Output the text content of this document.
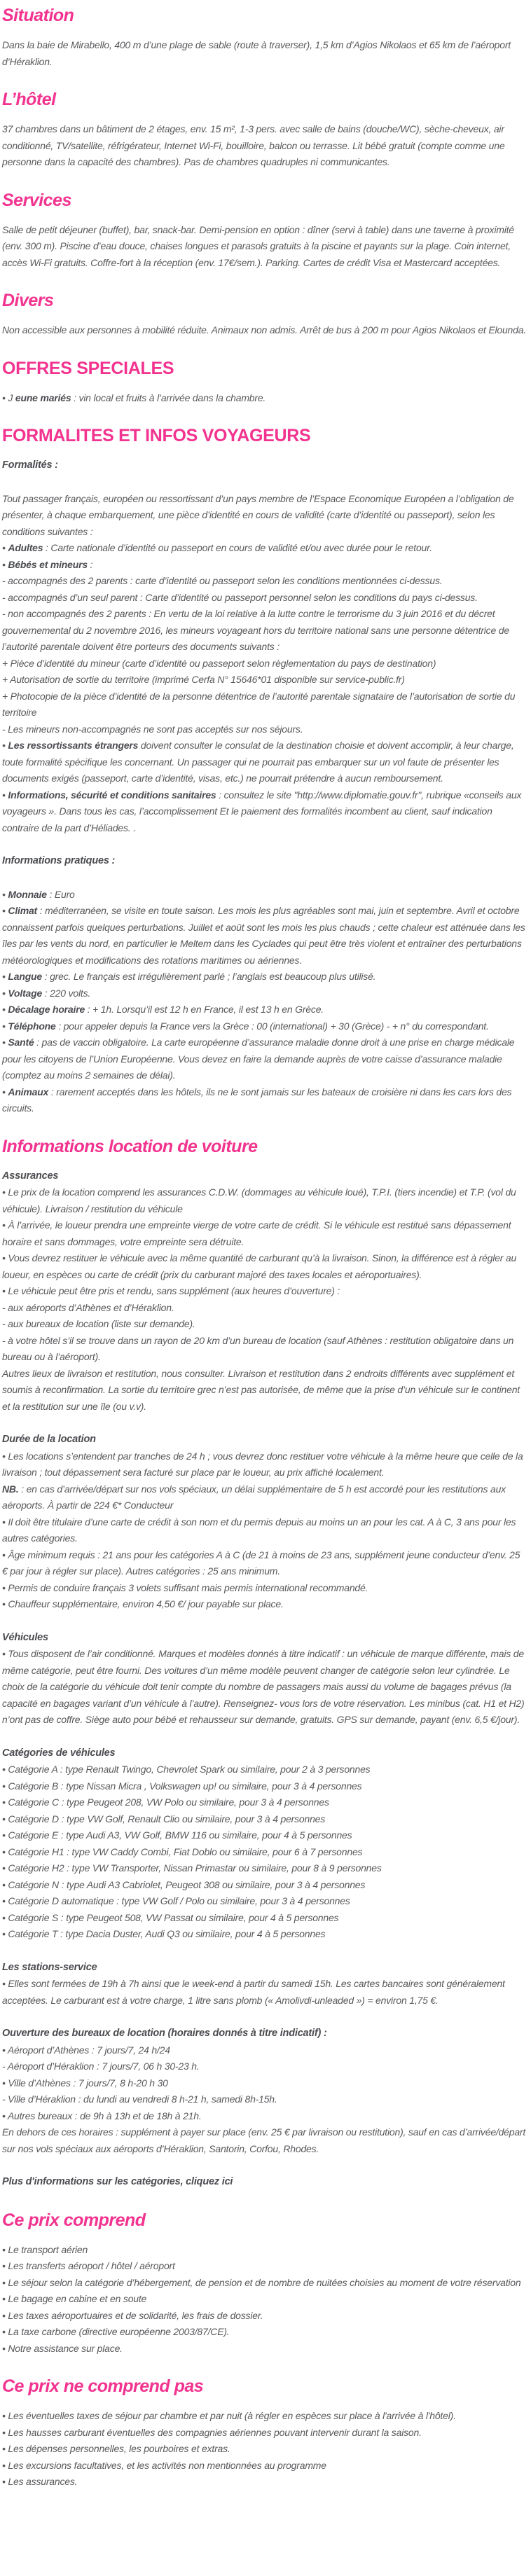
Situation

Dans la baie de Mirabello, 400 m d’une plage de sable (route à traverser), 1,5 km d’Agios Nikolaos et 65 km de l’aéroport d’Héraklion.

L’hôtel

37 chambres dans un bâtiment de 2 étages, env. 15 m², 1-3 pers. avec salle de bains (douche/WC), sèche-cheveux, air conditionné, TV/satellite, réfrigérateur, Internet Wi-Fi, bouilloire, balcon ou terrasse. Lit bébé gratuit (compte comme une personne dans la capacité des chambres). Pas de chambres quadruples ni communicantes.

Services

Salle de petit déjeuner (buffet), bar, snack-bar. Demi-pension en option : dîner (servi à table) dans une taverne à proximité (env. 300 m). Piscine d’eau douce, chaises longues et parasols gratuits à la piscine et payants sur la plage. Coin internet, accès Wi-Fi gratuits. Coffre-fort à la réception (env. 17€/sem.). Parking. Cartes de crédit Visa et Mastercard acceptées.

Divers

Non accessible aux personnes à mobilité réduite. Animaux non admis. Arrêt de bus à 200 m pour Agios Nikolaos et Elounda.

OFFRES SPECIALES

• J eune mariés : vin local et fruits à l’arrivée dans la chambre.

FORMALITES ET INFOS VOYAGEURS

Formalités :

Tout passager français, européen ou ressortissant d’un pays membre de l’Espace Economique Européen a l’obligation de présenter, à chaque embarquement, une pièce d’identité en cours de validité (carte d’identité ou passeport), selon les conditions suivantes :

• Adultes : Carte nationale d’identité ou passeport en cours de validité et/ou avec durée pour le retour.

• Bébés et mineurs :

- accompagnés des 2 parents : carte d’identité ou passeport selon les conditions mentionnées ci-dessus.

- accompagnés d’un seul parent : Carte d’identité ou passeport personnel selon les conditions du pays ci-dessus.

- non accompagnés des 2 parents : En vertu de la loi relative à la lutte contre le terrorisme du 3 juin 2016 et du décret gouvernemental du 2 novembre 2016, les mineurs voyageant hors du territoire national sans une personne détentrice de l’autorité parentale doivent être porteurs des documents suivants :

+ Pièce d’identité du mineur (carte d’identité ou passeport selon règlementation du pays de destination)

+ Autorisation de sortie du territoire (imprimé Cerfa N° 15646*01 disponible sur service-public.fr)

+ Photocopie de la pièce d’identité de la personne détentrice de l’autorité parentale signataire de l’autorisation de sortie du territoire

- Les mineurs non-accompagnés ne sont pas acceptés sur nos séjours.

• Les ressortissants étrangers doivent consulter le consulat de la destination choisie et doivent accomplir, à leur charge, toute formalité spécifique les concernant. Un passager qui ne pourrait pas embarquer sur un vol faute de présenter les documents exigés (passeport, carte d’identité, visas, etc.) ne pourrait prétendre à aucun remboursement.

• Informations, sécurité et conditions sanitaires : consultez le site "http://www.diplomatie.gouv.fr", rubrique «conseils aux voyageurs ». Dans tous les cas, l’accomplissement Et le paiement des formalités incombent au client, sauf indication contraire de la part d’Héliades. .

Informations pratiques :

• Monnaie : Euro

• Climat : méditerranéen, se visite en toute saison. Les mois les plus agréables sont mai, juin et septembre. Avril et octobre connaissent parfois quelques perturbations. Juillet et août sont les mois les plus chauds ; cette chaleur est atténuée dans les îles par les vents du nord, en particulier le Meltem dans les Cyclades qui peut être très violent et entraîner des perturbations météorologiques et modifications des rotations maritimes ou aériennes.

• Langue : grec. Le français est irrégulièrement parlé ; l’anglais est beaucoup plus utilisé.

• Voltage : 220 volts.

• Décalage horaire : + 1h. Lorsqu’il est 12 h en France, il est 13 h en Grèce.

• Téléphone : pour appeler depuis la France vers la Grèce : 00 (international) + 30 (Grèce) - + n° du correspondant.

• Santé : pas de vaccin obligatoire. La carte européenne d’assurance maladie donne droit à une prise en charge médicale pour les citoyens de l’Union Européenne. Vous devez en faire la demande auprès de votre caisse d’assurance maladie (comptez au moins 2 semaines de délai).

• Animaux : rarement acceptés dans les hôtels, ils ne le sont jamais sur les bateaux de croisière ni dans les cars lors des circuits.

Informations location de voiture

Assurances

• Le prix de la location comprend les assurances C.D.W. (dommages au véhicule loué), T.P.I. (tiers incendie) et T.P. (vol du véhicule). Livraison / restitution du véhicule

• À l’arrivée, le loueur prendra une empreinte vierge de votre carte de crédit. Si le véhicule est restitué sans dépassement horaire et sans dommages, votre empreinte sera détruite.

• Vous devrez restituer le véhicule avec la même quantité de carburant qu’à la livraison. Sinon, la différence est à régler au loueur, en espèces ou carte de crédit (prix du carburant majoré des taxes locales et aéroportuaires).

• Le véhicule peut être pris et rendu, sans supplément (aux heures d’ouverture) :

- aux aéroports d’Athènes et d’Héraklion.

- aux bureaux de location (liste sur demande).

- à votre hôtel s’il se trouve dans un rayon de 20 km d’un bureau de location (sauf Athènes : restitution obligatoire dans un bureau ou à l’aéroport).

Autres lieux de livraison et restitution, nous consulter. Livraison et restitution dans 2 endroits différents avec supplément et soumis à reconfirmation. La sortie du territoire grec n’est pas autorisée, de même que la prise d’un véhicule sur le continent et la restitution sur une île (ou v.v).

Durée de la location

• Les locations s’entendent par tranches de 24 h ; vous devrez donc restituer votre véhicule à la même heure que celle de la livraison ; tout dépassement sera facturé sur place par le loueur, au prix affiché localement.

NB. : en cas d’arrivée/départ sur nos vols spéciaux, un délai supplémentaire de 5 h est accordé pour les restitutions aux aéroports. À partir de 224 €* Conducteur

• Il doit être titulaire d’une carte de crédit à son nom et du permis depuis au moins un an pour les cat. A à C, 3 ans pour les autres catégories.

• Âge minimum requis : 21 ans pour les catégories A à C (de 21 à moins de 23 ans, supplément jeune conducteur d’env. 25 € par jour à régler sur place). Autres catégories : 25 ans minimum.

• Permis de conduire français 3 volets suffisant mais permis international recommandé.

• Chauffeur supplémentaire, environ 4,50 €/ jour payable sur place.

Véhicules

• Tous disposent de l’air conditionné. Marques et modèles donnés à titre indicatif : un véhicule de marque différente, mais de même catégorie, peut être fourni. Des voitures d’un même modèle peuvent changer de catégorie selon leur cylindrée. Le choix de la catégorie du véhicule doit tenir compte du nombre de passagers mais aussi du volume de bagages prévus (la capacité en bagages variant d’un véhicule à l’autre). Renseignez- vous lors de votre réservation. Les minibus (cat. H1 et H2) n’ont pas de coffre. Siège auto pour bébé et rehausseur sur demande, gratuits. GPS sur demande, payant (env. 6,5 €/jour).

Catégories de véhicules

• Catégorie A : type Renault Twingo, Chevrolet Spark ou similaire, pour 2 à 3 personnes

• Catégorie B : type Nissan Micra , Volkswagen up! ou similaire, pour 3 à 4 personnes

• Catégorie C : type Peugeot 208, VW Polo ou similaire, pour 3 à 4 personnes

• Catégorie D : type VW Golf, Renault Clio ou similaire, pour 3 à 4 personnes

• Catégorie E : type Audi A3, VW Golf, BMW 116 ou similaire, pour 4 à 5 personnes

• Catégorie H1 : type VW Caddy Combi, Fiat Doblo ou similaire, pour 6 à 7 personnes

• Catégorie H2 : type VW Transporter, Nissan Primastar ou similaire, pour 8 à 9 personnes

• Catégorie N : type Audi A3 Cabriolet, Peugeot 308 ou similaire, pour 3 à 4 personnes

• Catégorie D automatique : type VW Golf / Polo ou similaire, pour 3 à 4 personnes

• Catégorie S : type Peugeot 508, VW Passat ou similaire, pour 4 à 5 personnes

• Catégorie T : type Dacia Duster, Audi Q3 ou similaire, pour 4 à 5 personnes

Les stations-service

• Elles sont fermées de 19h à 7h ainsi que le week-end à partir du samedi 15h. Les cartes bancaires sont généralement acceptées. Le carburant est à votre charge, 1 litre sans plomb (« Amolivdi-unleaded ») = environ 1,75 €.

Ouverture des bureaux de location (horaires donnés à titre indicatif) :

• Aéroport d’Athènes : 7 jours/7, 24 h/24

- Aéroport d’Héraklion : 7 jours/7, 06 h 30-23 h.

• Ville d’Athènes : 7 jours/7, 8 h-20 h 30

- Ville d’Héraklion : du lundi au vendredi 8 h-21 h, samedi 8h-15h.

• Autres bureaux : de 9h à 13h et de 18h à 21h.

En dehors de ces horaires : supplément à payer sur place (env. 25 € par livraison ou restitution), sauf en cas d’arrivée/départ sur nos vols spéciaux aux aéroports d’Héraklion, Santorin, Corfou, Rhodes.

Plus d'informations sur les catégories, cliquez ici

Ce prix comprend

• Le transport aérien

• Les transferts aéroport / hôtel / aéroport

• Le séjour selon la catégorie d’hébergement, de pension et de nombre de nuitées choisies au moment de votre réservation

• Le bagage en cabine et en soute

• Les taxes aéroportuaires et de solidarité, les frais de dossier.

• La taxe carbone (directive européenne 2003/87/CE).

• Notre assistance sur place.

Ce prix ne comprend pas

• Les éventuelles taxes de séjour par chambre et par nuit (à régler en espèces sur place à l'arrivée à l'hôtel).

• Les hausses carburant éventuelles des compagnies aériennes pouvant intervenir durant la saison.

• Les dépenses personnelles, les pourboires et extras.

• Les excursions facultatives, et les activités non mentionnées au programme

• Les assurances.
